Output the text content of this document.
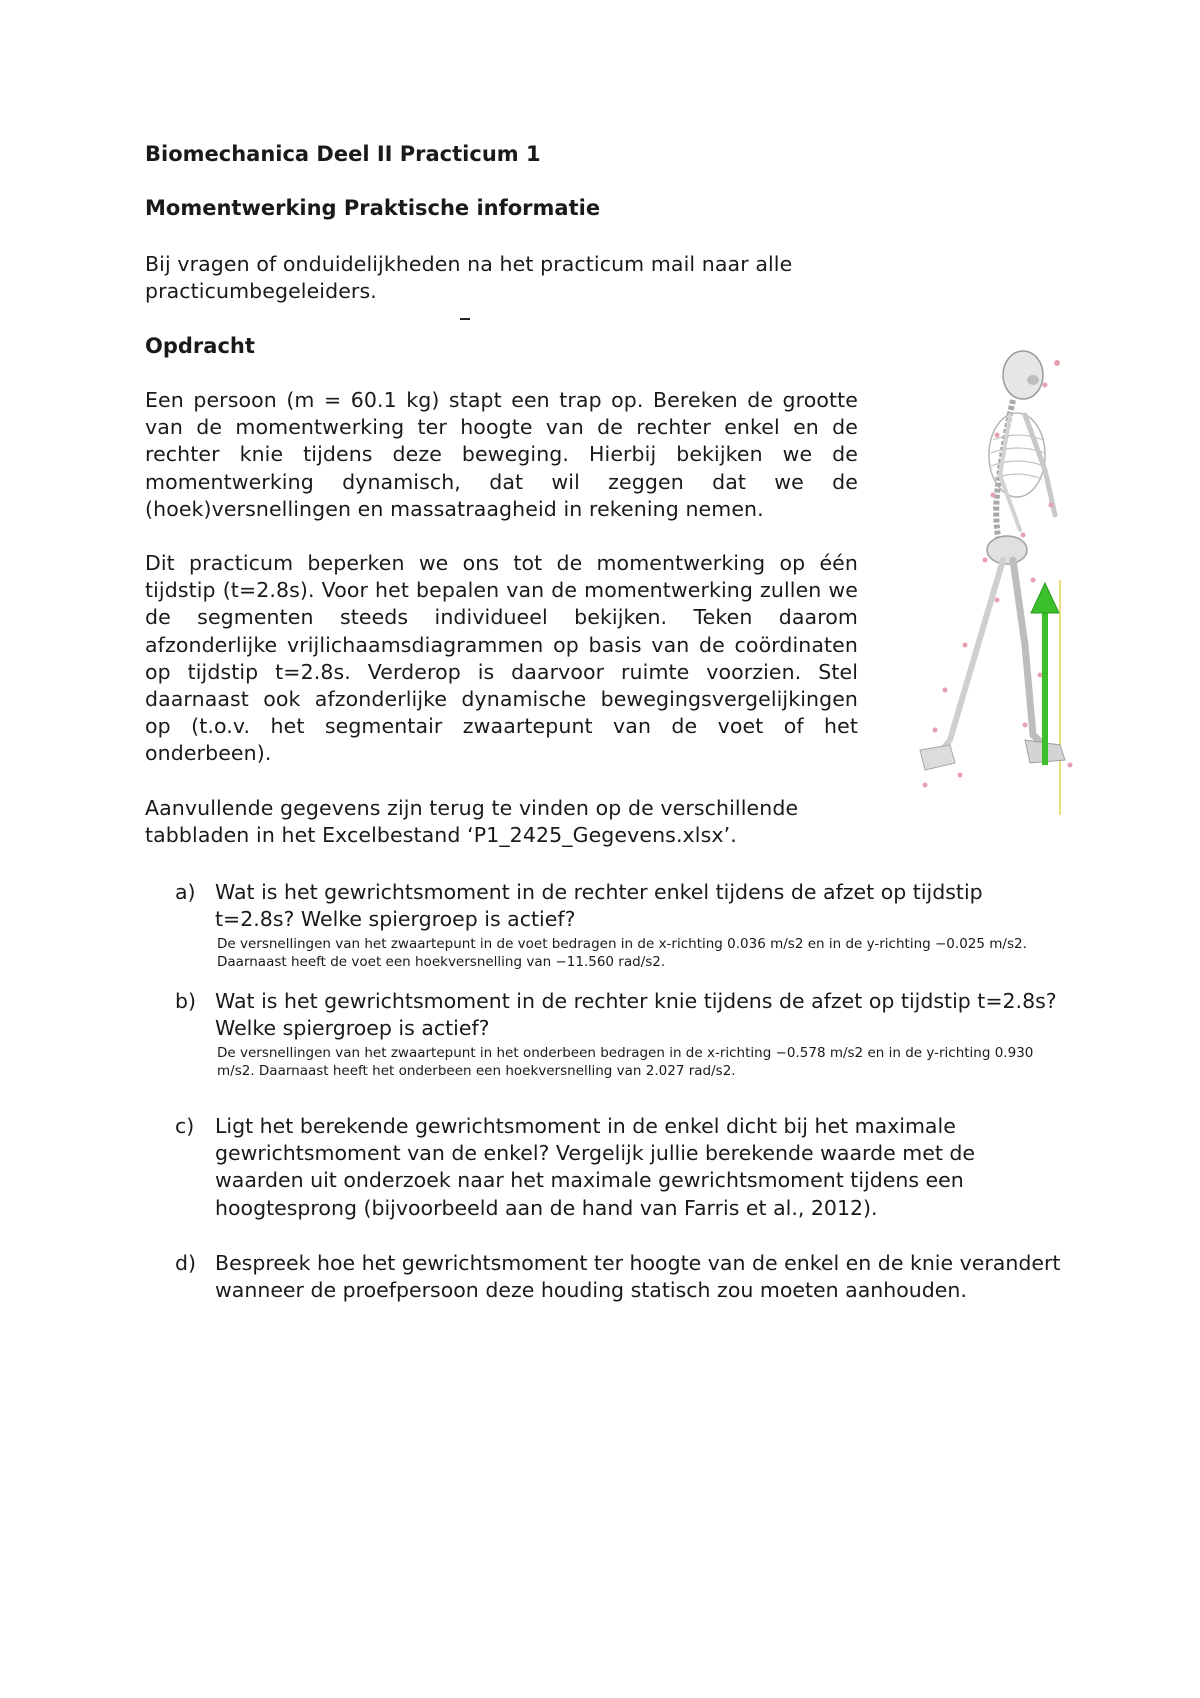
Biomechanica Deel II Practicum 1
Momentwerking Praktische informatie

Bij vragen of onduidelijkheden na het practicum mail naar alle practicumbegeleiders.

Opdracht

Een persoon (m = 60.1 kg) stapt een trap op. Bereken de grootte van de momentwerking ter hoogte van de rechter enkel en de rechter knie tijdens deze beweging. Hierbij bekijken we de momentwerking dynamisch, dat wil zeggen dat we de (hoek)versnellingen en massatraagheid in rekening nemen.

Dit practicum beperken we ons tot de momentwerking op één tijdstip (t=2.8s). Voor het bepalen van de momentwerking zullen we de segmenten steeds individueel bekijken. Teken daarom afzonderlijke vrijlichaamsdiagrammen op basis van de coördinaten op tijdstip t=2.8s. Verderop is daarvoor ruimte voorzien. Stel daarnaast ook afzonderlijke dynamische bewegingsvergelijkingen op (t.o.v. het segmentair zwaartepunt van de voet of het onderbeen).

Aanvullende gegevens zijn terug te vinden op de verschillende tabbladen in het Excelbestand ‘P1_2425_Gegevens.xlsx’.

a) Wat is het gewrichtsmoment in de rechter enkel tijdens de afzet op tijdstip t=2.8s? Welke spiergroep is actief?

De versnellingen van het zwaartepunt in de voet bedragen in de x-richting 0.036 m/s2 en in de y-richting −0.025 m/s2. Daarnaast heeft de voet een hoekversnelling van −11.560 rad/s2.

b) Wat is het gewrichtsmoment in de rechter knie tijdens de afzet op tijdstip t=2.8s? Welke spiergroep is actief?

De versnellingen van het zwaartepunt in het onderbeen bedragen in de x-richting −0.578 m/s2 en in de y-richting 0.930 m/s2. Daarnaast heeft het onderbeen een hoekversnelling van 2.027 rad/s2.

c) Ligt het berekende gewrichtsmoment in de enkel dicht bij het maximale gewrichtsmoment van de enkel? Vergelijk jullie berekende waarde met de waarden uit onderzoek naar het maximale gewrichtsmoment tijdens een hoogtesprong (bijvoorbeeld aan de hand van Farris et al., 2012).

d) Bespreek hoe het gewrichtsmoment ter hoogte van de enkel en de knie verandert wanneer de proefpersoon deze houding statisch zou moeten aanhouden.
